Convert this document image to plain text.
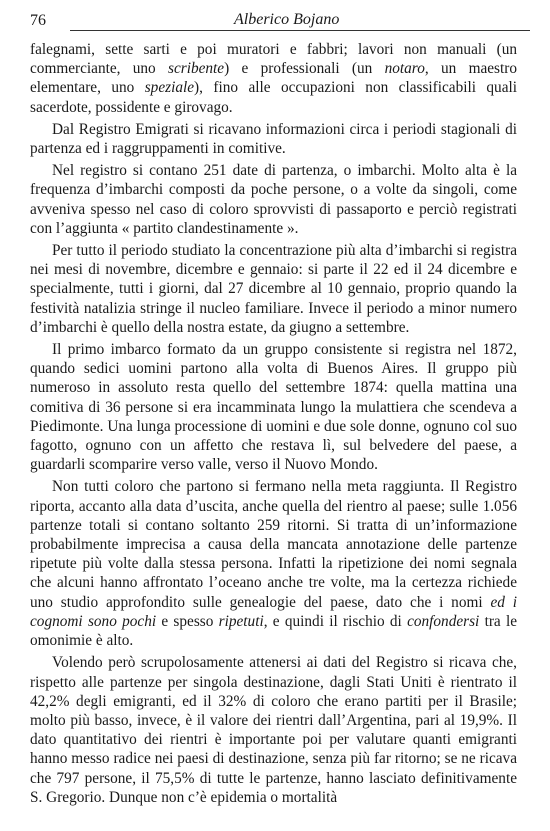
76	Alberico Bojano

falegnami, sette sarti e poi muratori e fabbri; lavori non manuali (un commerciante, uno scribente) e professionali (un notaro, un maestro elementare, uno speziale), fino alle occupazioni non classificabili quali sacerdote, possidente e girovago.

Dal Registro Emigrati si ricavano informazioni circa i periodi stagionali di partenza ed i raggruppamenti in comitive.

Nel registro si contano 251 date di partenza, o imbarchi. Molto alta è la frequenza d’imbarchi composti da poche persone, o a volte da singoli, come avveniva spesso nel caso di coloro sprovvisti di passaporto e perciò registrati con l’aggiunta « partito clandestinamente ».

Per tutto il periodo studiato la concentrazione più alta d’imbarchi si registra nei mesi di novembre, dicembre e gennaio: si parte il 22 ed il 24 dicembre e specialmente, tutti i giorni, dal 27 dicembre al 10 gennaio, proprio quando la festività natalizia stringe il nucleo familiare. Invece il periodo a minor numero d’imbarchi è quello della nostra estate, da giugno a settembre.

Il primo imbarco formato da un gruppo consistente si registra nel 1872, quando sedici uomini partono alla volta di Buenos Aires. Il gruppo più numeroso in assoluto resta quello del settembre 1874: quella mattina una comitiva di 36 persone si era incamminata lungo la mulattiera che scendeva a Piedimonte. Una lunga processione di uomini e due sole donne, ognuno col suo fagotto, ognuno con un affetto che restava lì, sul belvedere del paese, a guardarli scomparire verso valle, verso il Nuovo Mondo.

Non tutti coloro che partono si fermano nella meta raggiunta. Il Registro riporta, accanto alla data d’uscita, anche quella del rientro al paese; sulle 1.056 partenze totali si contano soltanto 259 ritorni. Si tratta di un’informazione probabilmente imprecisa a causa della mancata annotazione delle partenze ripetute più volte dalla stessa persona. Infatti la ripetizione dei nomi segnala che alcuni hanno affrontato l’oceano anche tre volte, ma la certezza richiede uno studio approfondito sulle genealogie del paese, dato che i nomi ed i cognomi sono pochi e spesso ripetuti, e quindi il rischio di confondersi tra le omonimie è alto.

Volendo però scrupolosamente attenersi ai dati del Registro si ricava che, rispetto alle partenze per singola destinazione, dagli Stati Uniti è rientrato il 42,2% degli emigranti, ed il 32% di coloro che erano partiti per il Brasile; molto più basso, invece, è il valore dei rientri dall’Argentina, pari al 19,9%. Il dato quantitativo dei rientri è importante poi per valutare quanti emigranti hanno messo radice nei paesi di destinazione, senza più far ritorno; se ne ricava che 797 persone, il 75,5% di tutte le partenze, hanno lasciato definitivamente S. Gregorio. Dunque non c’è epidemia o mortalità
